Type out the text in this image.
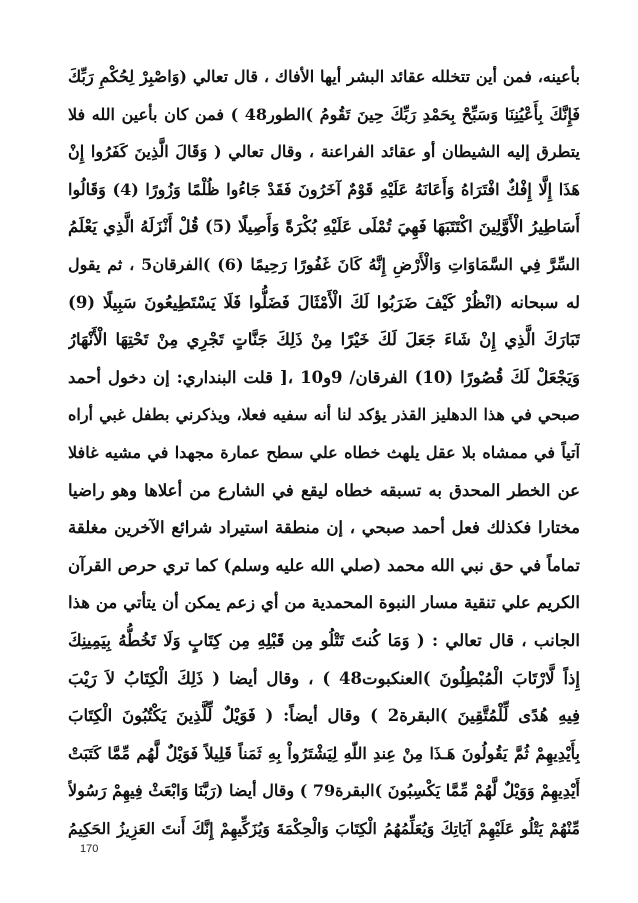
بأعينه، فمن أين تتخلله عقائد البشر أيها الأفاك ، قال تعالي (وَاصْبِرْ لِحُكْمِ رَبِّكَ
فَإِنَّكَ بِأَعْيُنِنَا وَسَبِّحْ بِحَمْدِ رَبِّكَ حِينَ تَقُومُ )الطور48 ) فمن كان بأعين الله فلا
يتطرق إليه الشيطان أو عقائد الفراعنة ، وقال تعالي ( وَقَالَ الَّذِينَ كَفَرُوا إِنْ
هَذَا إِلَّا إِفْكٌ افْتَرَاهُ وَأَعَانَهُ عَلَيْهِ قَوْمٌ آخَرُونَ فَقَدْ جَاءُوا ظُلْمًا وَزُورًا (4) وَقَالُوا
أَسَاطِيرُ الْأَوَّلِينَ اكْتَتَبَهَا فَهِيَ تُمْلَى عَلَيْهِ بُكْرَةً وَأَصِيلًا (5) قُلْ أَنْزَلَهُ الَّذِي يَعْلَمُ
السِّرَّ فِي السَّمَاوَاتِ وَالْأَرْضِ إِنَّهُ كَانَ غَفُورًا رَحِيمًا (6) )الفرقان5 ، ثم يقول
له سبحانه (انْظُرْ كَيْفَ ضَرَبُوا لَكَ الْأَمْثَالَ فَضَلُّوا فَلَا يَسْتَطِيعُونَ سَبِيلًا (9)
تَبَارَكَ الَّذِي إِنْ شَاءَ جَعَلَ لَكَ خَيْرًا مِنْ ذَلِكَ جَنَّاتٍ تَجْرِي مِنْ تَحْتِهَا الْأَنْهَارُ
وَيَجْعَلْ لَكَ قُصُورًا (10) الفرقان/ 9و10 ،[ قلت البنداري: إن دخول أحمد
صبحي في هذا الدهليز القذر يؤكد لنا أنه سفيه فعلا، ويذكرني بطفل غبي أراه
آتياً في ممشاه بلا عقل يلهث خطاه علي سطح عمارة مجهدا في مشيه غافلا
عن الخطر المحدق به تسبقه خطاه ليقع في الشارع من أعلاها وهو راضيا
مختارا فكذلك فعل أحمد صبحي ، إن منطقة استيراد شرائع الآخرين مغلقة
تماماً في حق نبي الله محمد (صلي الله عليه وسلم) كما تري حرص القرآن
الكريم علي تنقية مسار النبوة المحمدية من أي زعم يمكن أن يتأتي من هذا
الجانب ، قال تعالي : ( وَمَا كُنتَ تَتْلُو مِن قَبْلِهِ مِن كِتَابٍ وَلَا تَخُطُّهُ بِيَمِينِكَ
إِذاً لَّارْتَابَ الْمُبْطِلُونَ )العنكبوت48 ) ، وقال أيضا ( ذَلِكَ الْكِتَابُ لاَ رَيْبَ
فِيهِ هُدًى لِّلْمُتَّقِينَ )البقرة2 ) وقال أيضاً: ( فَوَيْلٌ لِّلَّذِينَ يَكْتُبُونَ الْكِتَابَ
بِأَيْدِيهِمْ ثُمَّ يَقُولُونَ هَـذَا مِنْ عِندِ اللّهِ لِيَشْتَرُواْ بِهِ ثَمَناً قَلِيلاً فَوَيْلٌ لَّهُم مِّمَّا كَتَبَتْ
أَيْدِيهِمْ وَوَيْلٌ لَّهُمْ مِّمَّا يَكْسِبُونَ )البقرة79 ) وقال أيضا (رَبَّنَا وَابْعَثْ فِيهِمْ رَسُولاً
مِّنْهُمْ يَتْلُو عَلَيْهِمْ آيَاتِكَ وَيُعَلِّمُهُمُ الْكِتَابَ وَالْحِكْمَةَ وَيُزَكِّيهِمْ إِنَّكَ أَنتَ العَزِيزُ الحَكِيمُ
170
